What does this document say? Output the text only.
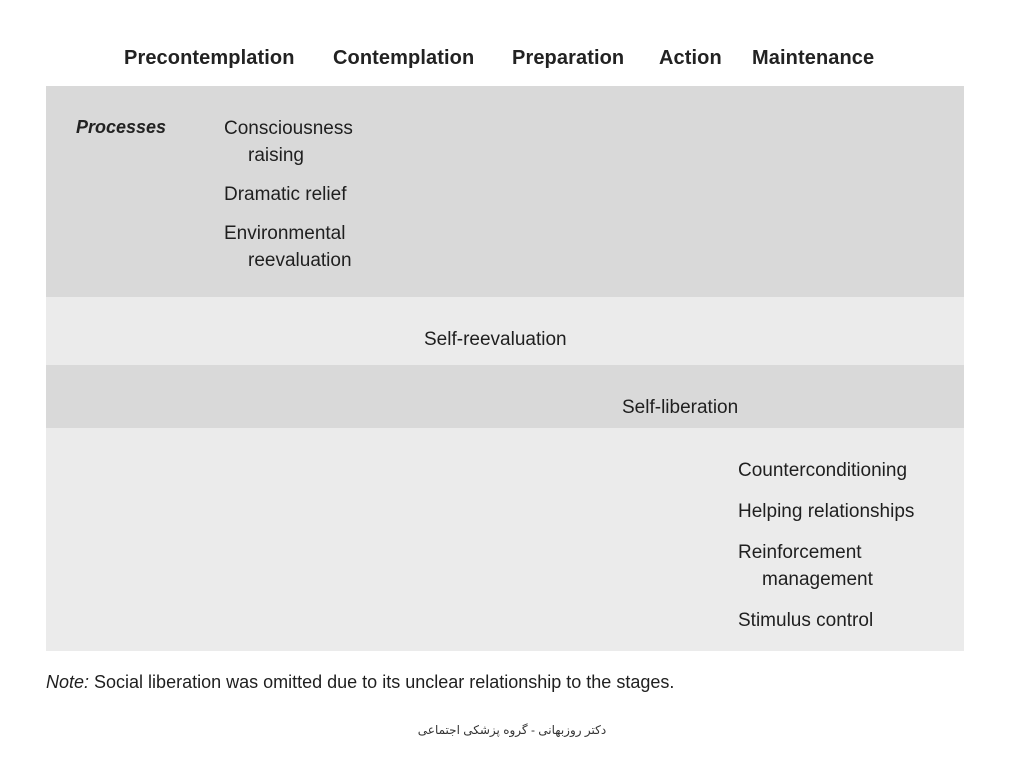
Precontemplation Contemplation Preparation Action Maintenance
Processes	Consciousness
raising
Dramatic relief
Environmental
reevaluation
Self-reevaluation
Self-liberation
Counterconditioning
Helping relationships
Reinforcement
management
Stimulus control
Note: Social liberation was omitted due to its unclear relationship to the stages.
دکتر روزبهانی - گروه پزشکی اجتماعی
